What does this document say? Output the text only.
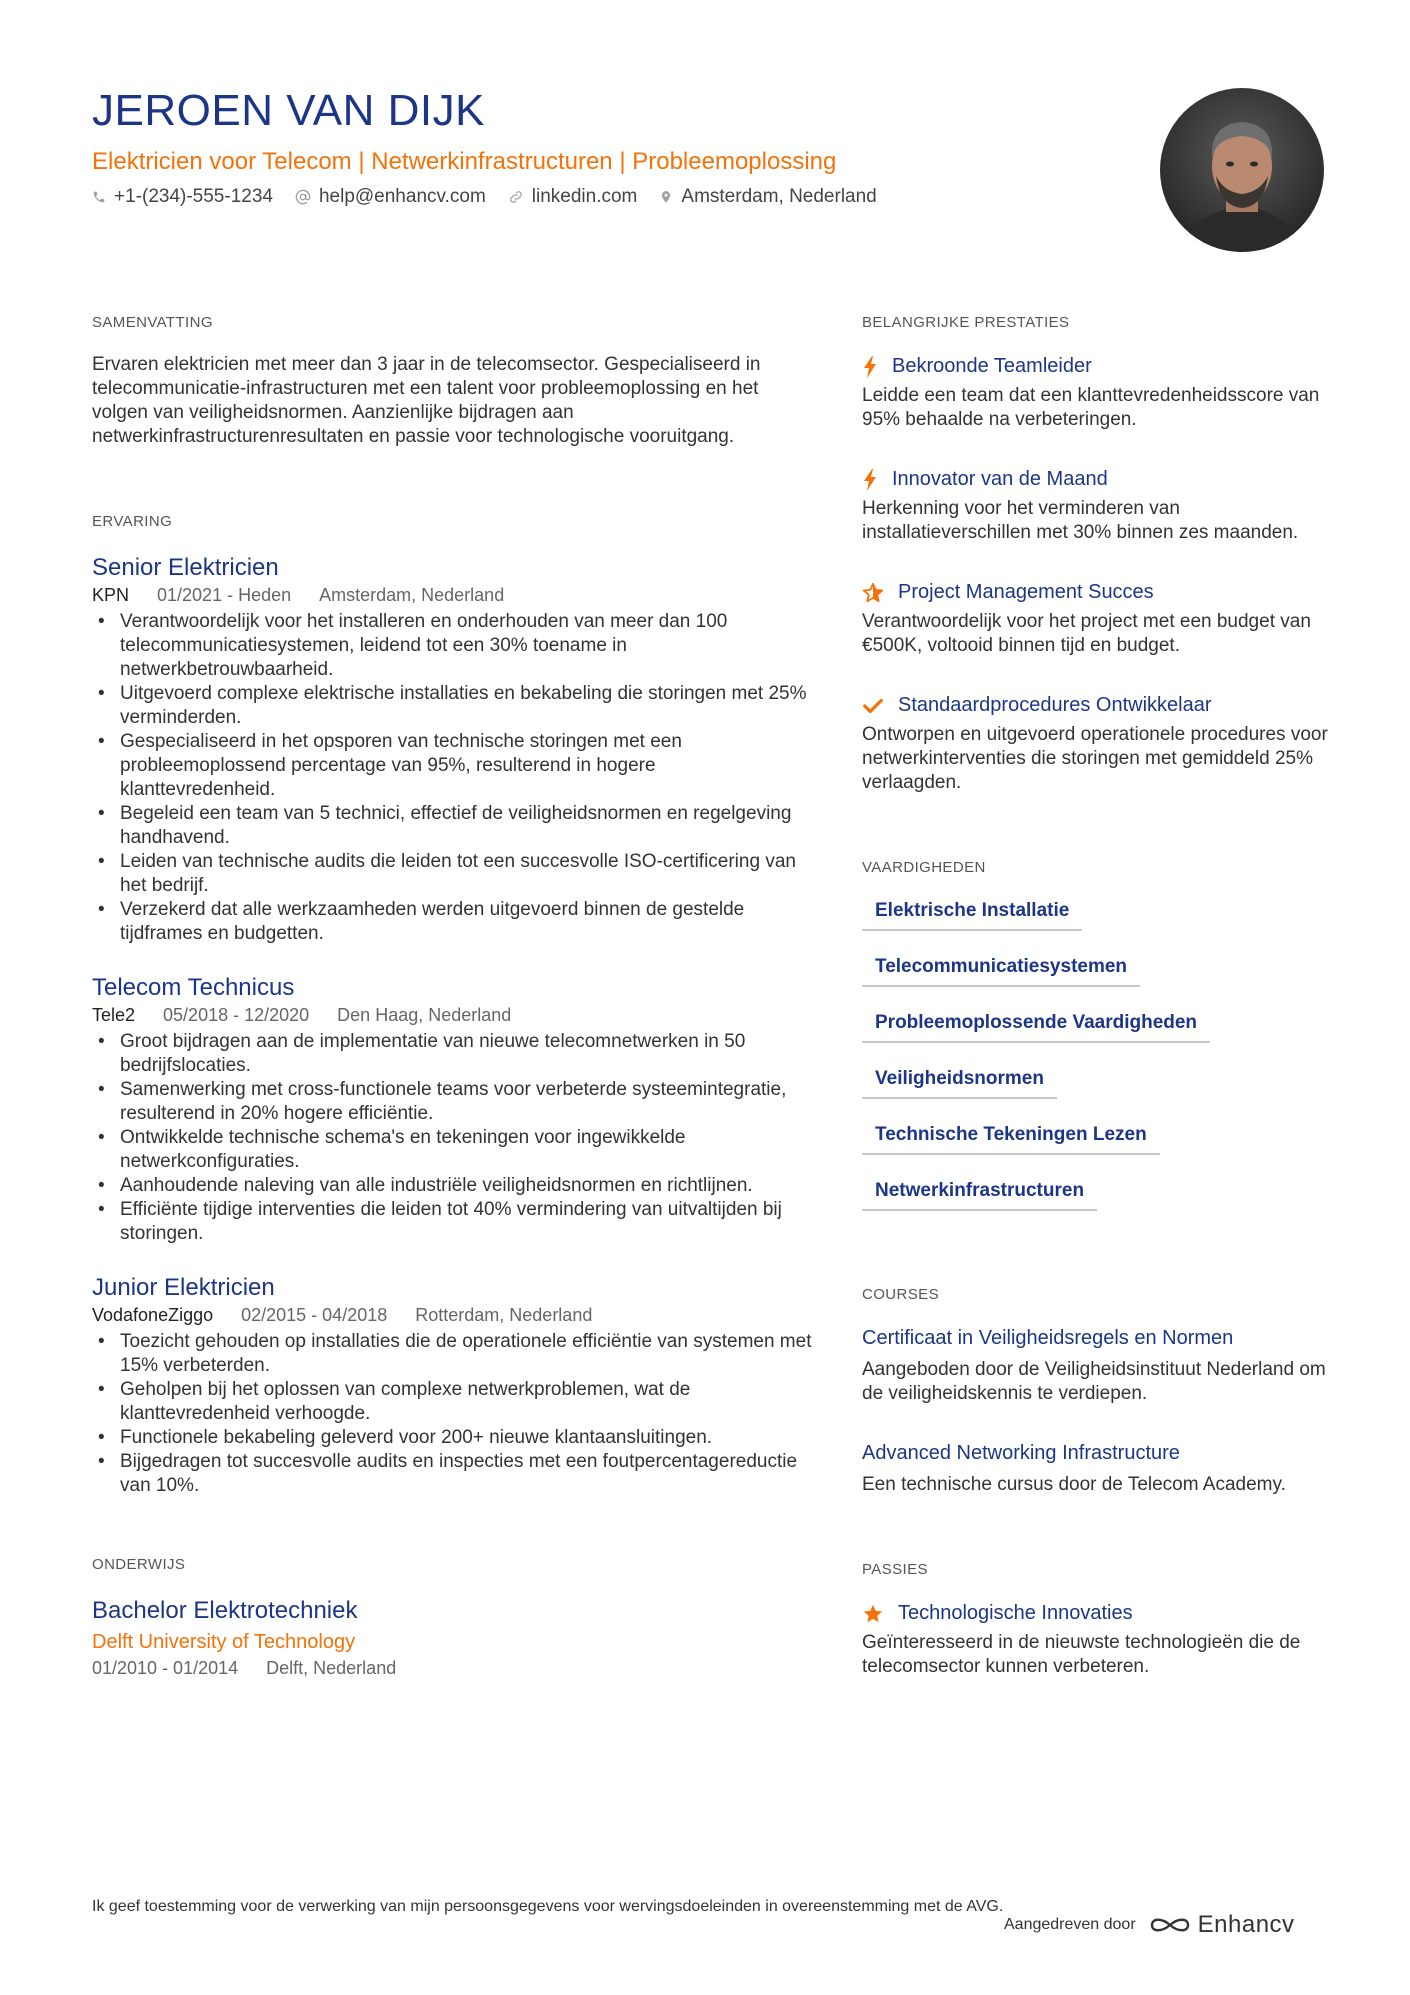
JEROEN VAN DIJK
Elektricien voor Telecom | Netwerkinfrastructuren | Probleemoplossing
+1-(234)-555-1234 help@enhancv.com linkedin.com Amsterdam, Nederland
SAMENVATTING
Ervaren elektricien met meer dan 3 jaar in de telecomsector. Gespecialiseerd in telecommunicatie-infrastructuren met een talent voor probleemoplossing en het volgen van veiligheidsnormen. Aanzienlijke bijdragen aan netwerkinfrastructurenresultaten en passie voor technologische vooruitgang.
ERVARING
Senior Elektricien
KPN 01/2021 - Heden Amsterdam, Nederland
• Verantwoordelijk voor het installeren en onderhouden van meer dan 100 telecommunicatiesystemen, leidend tot een 30% toename in netwerkbetrouwbaarheid.
• Uitgevoerd complexe elektrische installaties en bekabeling die storingen met 25% verminderden.
• Gespecialiseerd in het opsporen van technische storingen met een probleemoplossend percentage van 95%, resulterend in hogere klanttevredenheid.
• Begeleid een team van 5 technici, effectief de veiligheidsnormen en regelgeving handhavend.
• Leiden van technische audits die leiden tot een succesvolle ISO-certificering van het bedrijf.
• Verzekerd dat alle werkzaamheden werden uitgevoerd binnen de gestelde tijdframes en budgetten.
Telecom Technicus
Tele2 05/2018 - 12/2020 Den Haag, Nederland
• Groot bijdragen aan de implementatie van nieuwe telecomnetwerken in 50 bedrijfslocaties.
• Samenwerking met cross-functionele teams voor verbeterde systeemintegratie, resulterend in 20% hogere efficiëntie.
• Ontwikkelde technische schema's en tekeningen voor ingewikkelde netwerkconfiguraties.
• Aanhoudende naleving van alle industriële veiligheidsnormen en richtlijnen.
• Efficiënte tijdige interventies die leiden tot 40% vermindering van uitvaltijden bij storingen.
Junior Elektricien
VodafoneZiggo 02/2015 - 04/2018 Rotterdam, Nederland
• Toezicht gehouden op installaties die de operationele efficiëntie van systemen met 15% verbeterden.
• Geholpen bij het oplossen van complexe netwerkproblemen, wat de klanttevredenheid verhoogde.
• Functionele bekabeling geleverd voor 200+ nieuwe klantaansluitingen.
• Bijgedragen tot succesvolle audits en inspecties met een foutpercentagereductie van 10%.
ONDERWIJS
Bachelor Elektrotechniek
Delft University of Technology
01/2010 - 01/2014 Delft, Nederland
BELANGRIJKE PRESTATIES
Bekroonde Teamleider
Leidde een team dat een klanttevredenheidsscore van 95% behaalde na verbeteringen.
Innovator van de Maand
Herkenning voor het verminderen van installatieverschillen met 30% binnen zes maanden.
Project Management Succes
Verantwoordelijk voor het project met een budget van €500K, voltooid binnen tijd en budget.
Standaardprocedures Ontwikkelaar
Ontworpen en uitgevoerd operationele procedures voor netwerkinterventies die storingen met gemiddeld 25% verlaagden.
VAARDIGHEDEN
Elektrische Installatie
Telecommunicatiesystemen
Probleemoplossende Vaardigheden
Veiligheidsnormen
Technische Tekeningen Lezen
Netwerkinfrastructuren
COURSES
Certificaat in Veiligheidsregels en Normen
Aangeboden door de Veiligheidsinstituut Nederland om de veiligheidskennis te verdiepen.
Advanced Networking Infrastructure
Een technische cursus door de Telecom Academy.
PASSIES
Technologische Innovaties
Geïnteresseerd in de nieuwste technologieën die de telecomsector kunnen verbeteren.
Ik geef toestemming voor de verwerking van mijn persoonsgegevens voor wervingsdoeleinden in overeenstemming met de AVG.
Aangedreven door	Enhancv
